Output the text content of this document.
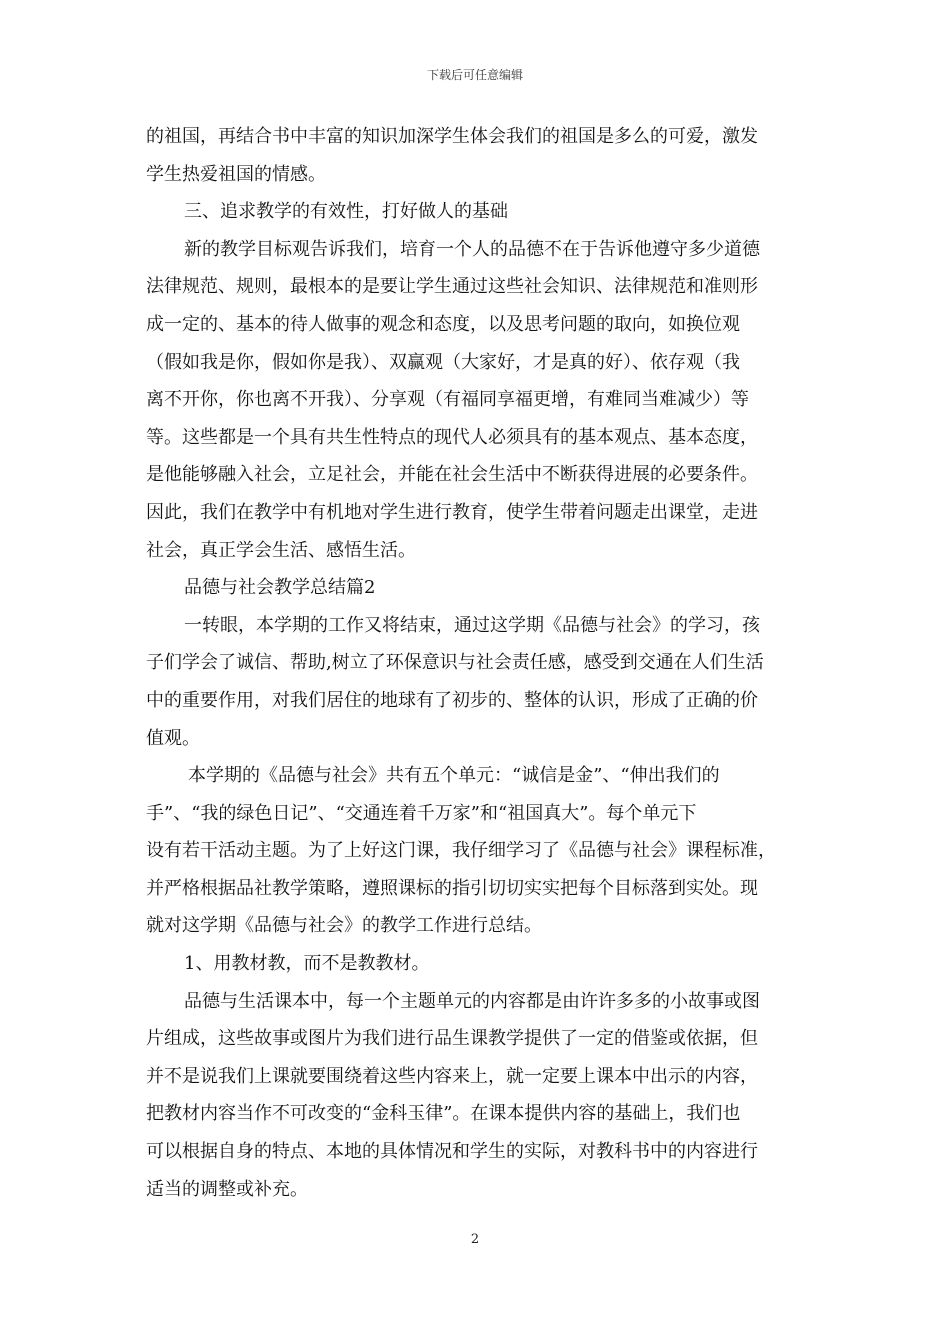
下载后可任意编辑
的祖国，再结合书中丰富的知识加深学生体会我们的祖国是多么的可爱，激发
学生热爱祖国的情感。
三、追求教学的有效性，打好做人的基础
新的教学目标观告诉我们，培育一个人的品德不在于告诉他遵守多少道德
法律规范、规则，最根本的是要让学生通过这些社会知识、法律规范和准则形
成一定的、基本的待人做事的观念和态度，以及思考问题的取向，如换位观
（假如我是你，假如你是我）、双赢观（大家好，才是真的好）、依存观（我
离不开你，你也离不开我）、分享观（有福同享福更增，有难同当难减少）等
等。这些都是一个具有共生性特点的现代人必须具有的基本观点、基本态度，
是他能够融入社会，立足社会，并能在社会生活中不断获得进展的必要条件。
因此，我们在教学中有机地对学生进行教育，使学生带着问题走出课堂，走进
社会，真正学会生活、感悟生活。
品德与社会教学总结篇2
一转眼，本学期的工作又将结束，通过这学期《品德与社会》的学习，孩
子们学会了诚信、帮助,树立了环保意识与社会责任感，感受到交通在人们生活
中的重要作用，对我们居住的地球有了初步的、整体的认识，形成了正确的价
值观。
本学期的《品德与社会》共有五个单元：“诚信是金”、“伸出我们的
手”、“我的绿色日记”、“交通连着千万家”和“祖国真大”。每个单元下
设有若干活动主题。为了上好这门课，我仔细学习了《品德与社会》课程标准，
并严格根据品社教学策略，遵照课标的指引切切实实把每个目标落到实处。现
就对这学期《品德与社会》的教学工作进行总结。
1、用教材教，而不是教教材。
品德与生活课本中，每一个主题单元的内容都是由许许多多的小故事或图
片组成，这些故事或图片为我们进行品生课教学提供了一定的借鉴或依据，但
并不是说我们上课就要围绕着这些内容来上，就一定要上课本中出示的内容，
把教材内容当作不可改变的“金科玉律”。在课本提供内容的基础上，我们也
可以根据自身的特点、本地的具体情况和学生的实际，对教科书中的内容进行
适当的调整或补充。
2
